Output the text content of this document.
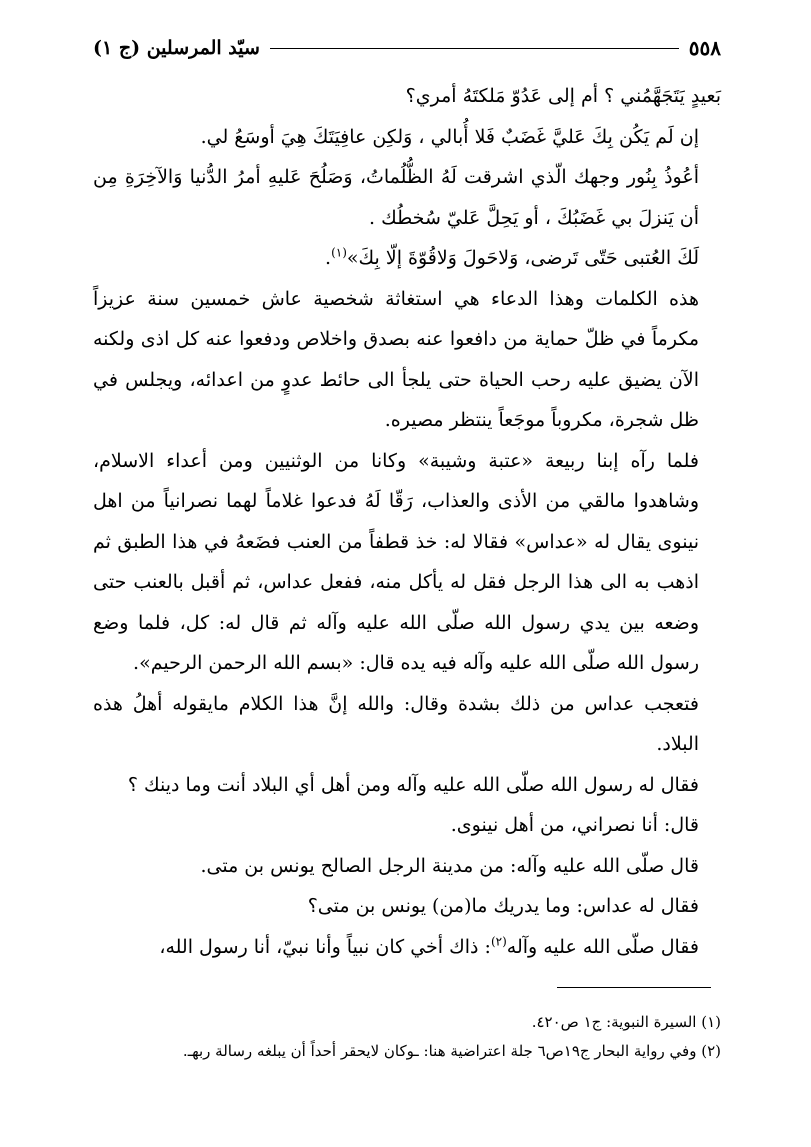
٥٥٨
سيّد المرسلين (ج ١)

بَعيدٍ يَتَجَهَّمُني ؟ أم إلى عَدُوّ مَلكتَهُ أمري؟

إن لَم يَكُن بِكَ عَليَّ غَضَبٌ فَلا أُبالي ، وَلكِن عافِيَتَكَ هِيَ أوسَعُ لي.

أعُوذُ بِنُور وجهك الّذي اشرقت لَهُ الظُّلُماتُ، وَصَلُحَ عَليهِ أمرُ الدُّنيا وَالآخِرَةِ مِن أن يَنزلَ بي غَضَبُكَ ، أو يَحِلَّ عَليّ سُخطُك .

لَكَ العُتبى حَتّى تَرضى، وَلاحَولَ وَلاقُوّةَ إلّا بِكَ»$^{(١)}$.

هذه الكلمات وهذا الدعاء هي استغاثة شخصية عاش خمسين سنة عزيزاً مكرماً في ظلّ حماية من دافعوا عنه بصدق واخلاص ودفعوا عنه كل اذى ولكنه الآن يضيق عليه رحب الحياة حتى يلجأ الى حائط عدوٍ من اعدائه، ويجلس في ظل شجرة، مكروباً موجَعاً ينتظر مصيره.

فلما رآه إبنا ربيعة «عتبة وشيبة» وكانا من الوثنيين ومن أعداء الاسلام، وشاهدوا مالقي من الأذى والعذاب، رَقّا لَهُ فدعوا غلاماً لهما نصرانياً من اهل نينوى يقال له «عداس» فقالا له: خذ قطفاً من العنب فضَعهُ في هذا الطبق ثم اذهب به الى هذا الرجل فقل له يأكل منه، ففعل عداس، ثم أقبل بالعنب حتى وضعه بين يدي رسول الله صلّى الله عليه وآله ثم قال له: كل، فلما وضع رسول الله صلّى الله عليه وآله فيه يده قال: «بسم الله الرحمن الرحيم».

فتعجب عداس من ذلك بشدة وقال: والله إنَّ هذا الكلام مايقوله أهلُ هذه البلاد.

فقال له رسول الله صلّى الله عليه وآله ومن أهل أي البلاد أنت وما دينك ؟

قال: أنا نصراني، من أهل نينوى.

قال صلّى الله عليه وآله: من مدينة الرجل الصالح يونس بن متى.

فقال له عداس: وما يدريك ما(من) يونس بن متى؟

فقال صلّى الله عليه وآله$^{(٢)}$: ذاك أخي كان نبياً وأنا نبيّ، أنا رسول الله،

(١) السيرة النبوية: ج١ ص٤٢٠.

(٢) وفي رواية البحار ج١٩ص٦ جلة اعتراضية هنا: ـوكان لايحقر أحداً أن يبلغه رسالة ربهـ.
